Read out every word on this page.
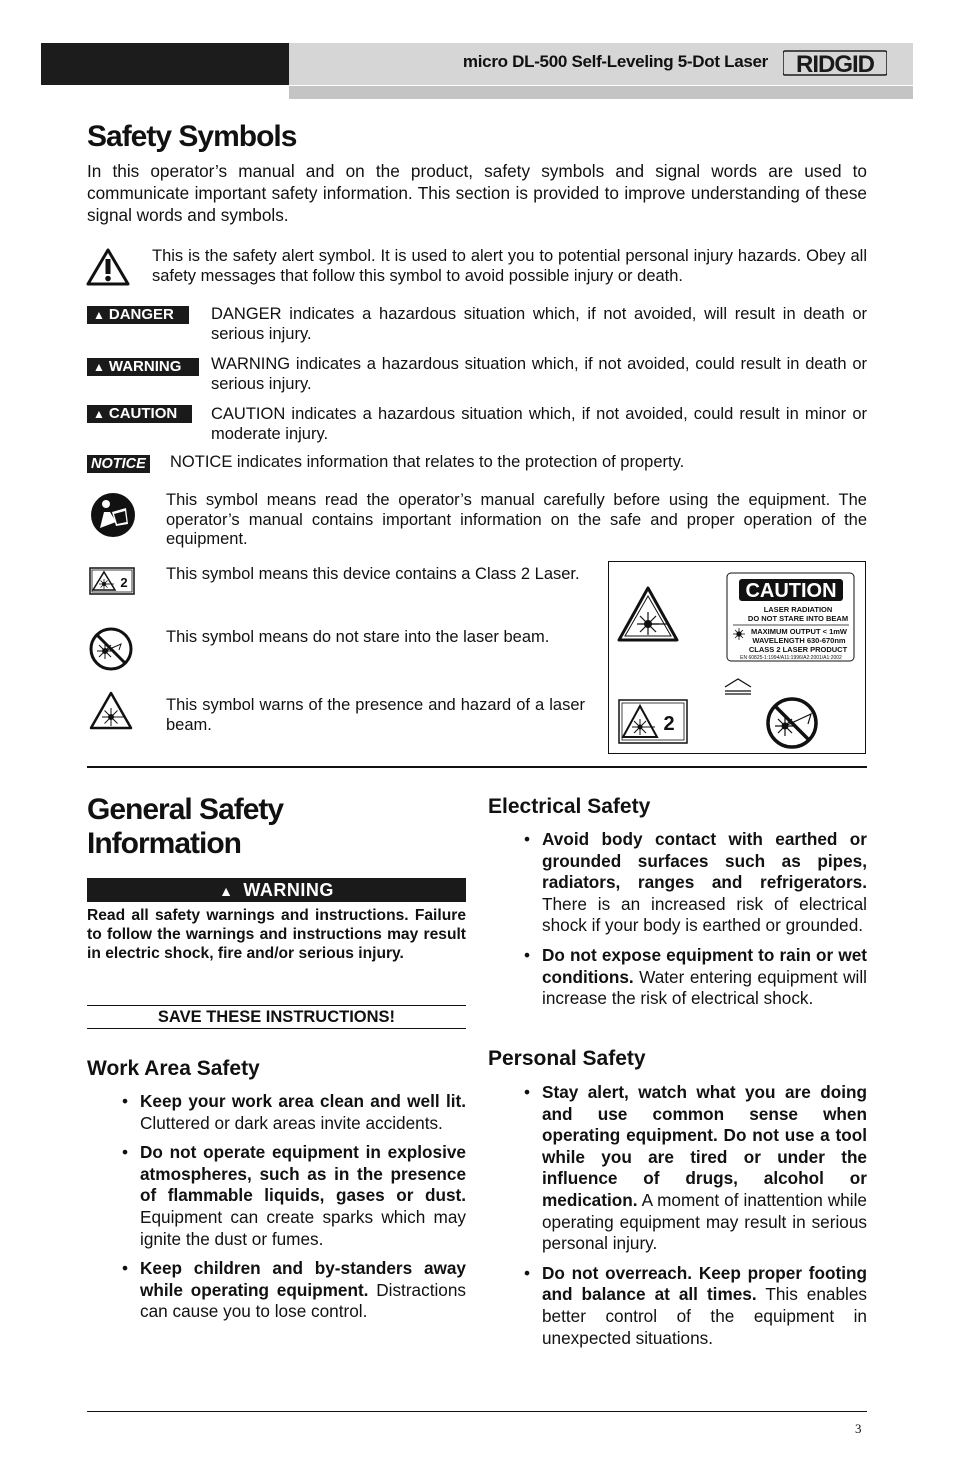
micro DL-500 Self-Leveling 5-Dot Laser RIDGID
Safety Symbols
In this operator’s manual and on the product, safety symbols and signal words are used to communicate important safety information. This section is provided to improve understanding of these signal words and symbols.
This is the safety alert symbol. It is used to alert you to potential personal injury hazards. Obey all safety messages that follow this symbol to avoid possible injury or death.
▲ DANGER	DANGER indicates a hazardous situation which, if not avoided, will result in death or serious injury.
▲ WARNING	WARNING indicates a hazardous situation which, if not avoided, could result in death or serious injury.
▲ CAUTION	CAUTION indicates a hazardous situation which, if not avoided, could result in minor or moderate injury.
NOTICE NOTICE indicates information that relates to the protection of property.
This symbol means read the operator’s manual carefully before using the equipment. The operator’s manual contains important information on the safe and proper operation of the equipment.
2 This symbol means this device contains a Class 2 Laser.
This symbol means do not stare into the laser beam.
This symbol warns of the presence and hazard of a laser beam.
CAUTION
LASER RADIATION
DO NOT STARE INTO BEAM
MAXIMUM OUTPUT < 1mW
WAVELENGTH 630-670nm
CLASS 2 LASER PRODUCT
EN 60825-1:1994/A11:1996/A2:2001/A1:2002
2
General Safety
Information
▲ WARNING
Read all safety warnings and instructions. Failure to follow the warnings and instructions may result in electric shock, fire and/or serious injury.
SAVE THESE INSTRUCTIONS!
Work Area Safety
• Keep your work area clean and well lit. Cluttered or dark areas invite accidents.
• Do not operate equipment in explosive atmospheres, such as in the presence of flammable liquids, gases or dust. Equipment can create sparks which may ignite the dust or fumes.
• Keep children and by-standers away while operating equipment. Distractions can cause you to lose control.
Electrical Safety
• Avoid body contact with earthed or grounded surfaces such as pipes, radiators, ranges and refrigerators. There is an increased risk of electrical shock if your body is earthed or grounded.
• Do not expose equipment to rain or wet conditions. Water entering equipment will increase the risk of electrical shock.
Personal Safety
• Stay alert, watch what you are doing and use common sense when operating equipment. Do not use a tool while you are tired or under the influence of drugs, alcohol or medication. A moment of inattention while operating equipment may result in serious personal injury.
• Do not overreach. Keep proper footing and balance at all times. This enables better control of the equipment in unexpected situations.
3
